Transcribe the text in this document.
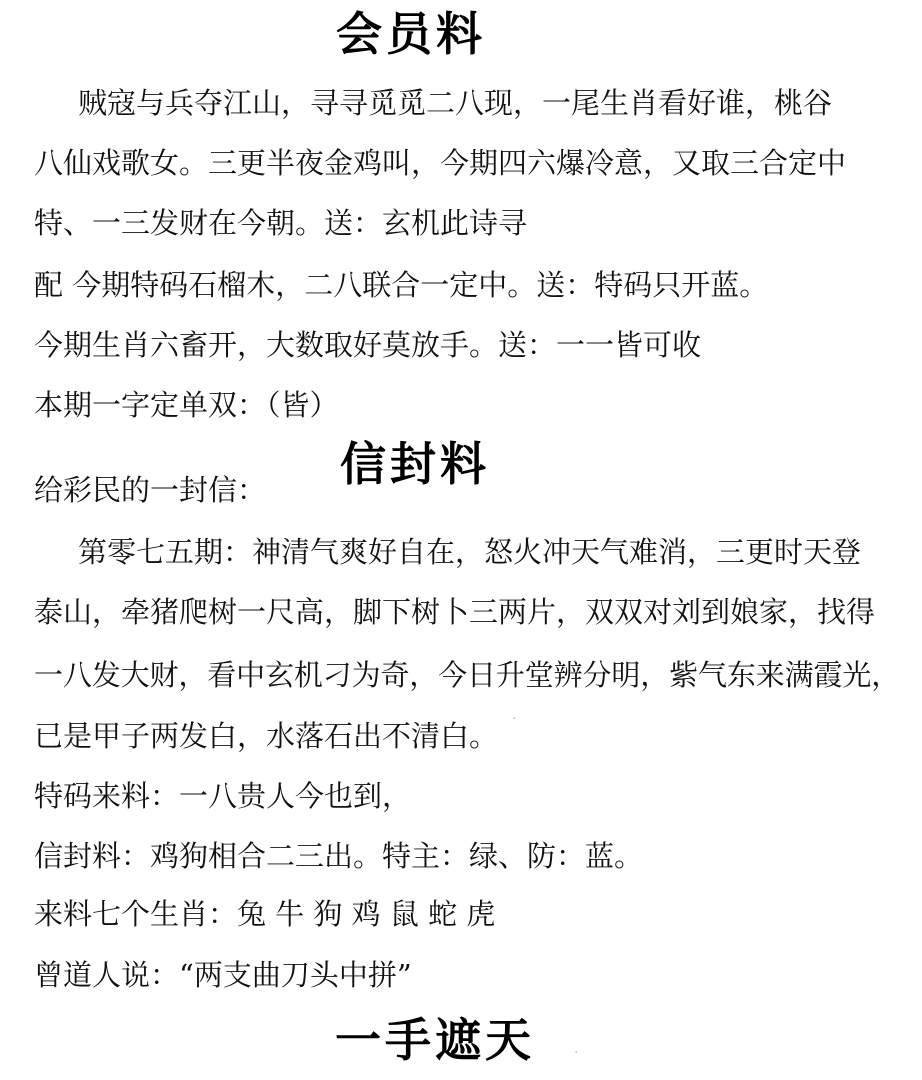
会员料

贼寇与兵夺江山，寻寻觅觅二八现，一尾生肖看好谁，桃谷

八仙戏歌女。三更半夜金鸡叫，今期四六爆冷意，又取三合定中

特、一三发财在今朝。送：玄机此诗寻

配 今期特码石榴木，二八联合一定中。送：特码只开蓝。

今期生肖六畜开，大数取好莫放手。送：一一皆可收

本期一字定单双：（皆）

信封料

给彩民的一封信：

第零七五期：神清气爽好自在，怒火冲天气难消，三更时天登

泰山，牵猪爬树一尺高，脚下树卜三两片，双双对刘到娘家，找得

一八发大财，看中玄机刁为奇，今日升堂辨分明，紫气东来满霞光，

已是甲子两发白，水落石出不清白。

特码来料：一八贵人今也到，

信封料：鸡狗相合二三出。特主：绿、防：蓝。

来料七个生肖：兔 牛 狗 鸡 鼠 蛇 虎

曾道人说：“两支曲刀头中拼”

一手遮天
·
·
